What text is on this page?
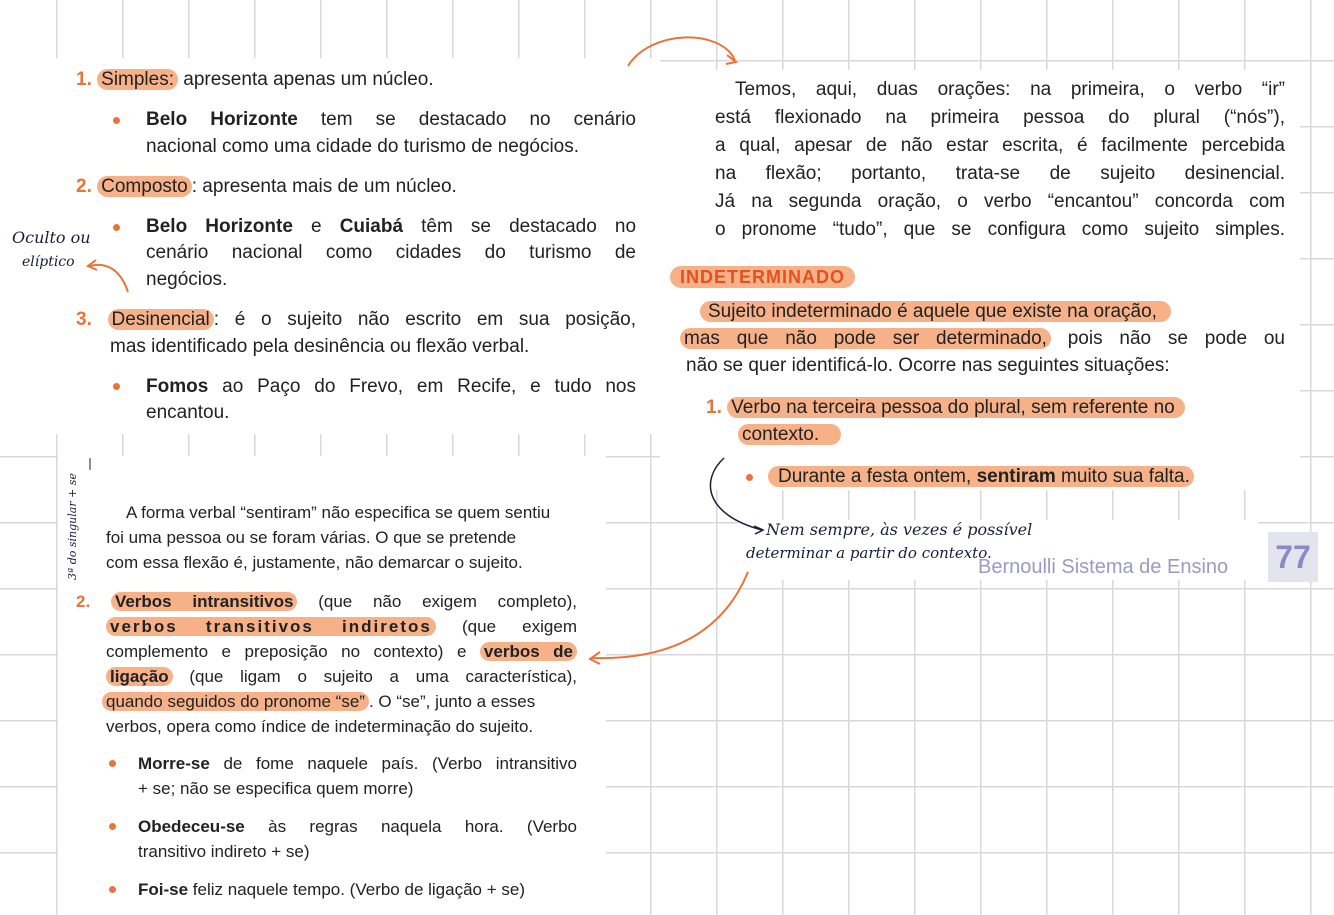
1. Simples: apresenta apenas um núcleo.
Belo Horizonte tem se destacado no cenário
nacional como uma cidade do turismo de negócios.
2. Composto : apresenta mais de um núcleo.
Belo Horizonte e Cuiabá têm se destacado no
cenário nacional como cidades do turismo de
negócios.
3. Desinencial : é o sujeito não escrito em sua posição,
mas identificado pela desinência ou flexão verbal.
Fomos ao Paço do Frevo, em Recife, e tudo nos
encantou.
Temos, aqui, duas orações: na primeira, o verbo “ir”
está flexionado na primeira pessoa do plural (“nós”),
a qual, apesar de não estar escrita, é facilmente percebida
na flexão; portanto, trata-se de sujeito desinencial.
Já na segunda oração, o verbo “encantou” concorda com
o pronome “tudo”, que se configura como sujeito simples.
INDETERMINADO
Sujeito indeterminado é aquele que existe na oração,
mas que não pode ser determinado, pois não se pode ou
não se quer identificá-lo. Ocorre nas seguintes situações:
1. Verbo na terceira pessoa do plural, sem referente no
contexto.
Durante a festa ontem, sentiram muito sua falta.
Bernoulli Sistema de Ensino 77
A forma verbal “sentiram” não especifica se quem sentiu
foi uma pessoa ou se foram várias. O que se pretende
com essa flexão é, justamente, não demarcar o sujeito.
2. Verbos intransitivos (que não exigem completo),
verbos transitivos indiretos (que exigem
complemento e preposição no contexto) e verbos de
ligação (que ligam o sujeito a uma característica),
quando seguidos do pronome “se” . O “se”, junto a esses
verbos, opera como índice de indeterminação do sujeito.
Morre-se de fome naquele país. (Verbo intransitivo
+ se; não se especifica quem morre)
Obedeceu-se às regras naquela hora. (Verbo
transitivo indireto + se)
Foi-se feliz naquele tempo. (Verbo de ligação + se)
Oculto ou
elíptico
3ª do singular + se	Nem sempre, às vezes é possível
determinar a partir do contexto.
